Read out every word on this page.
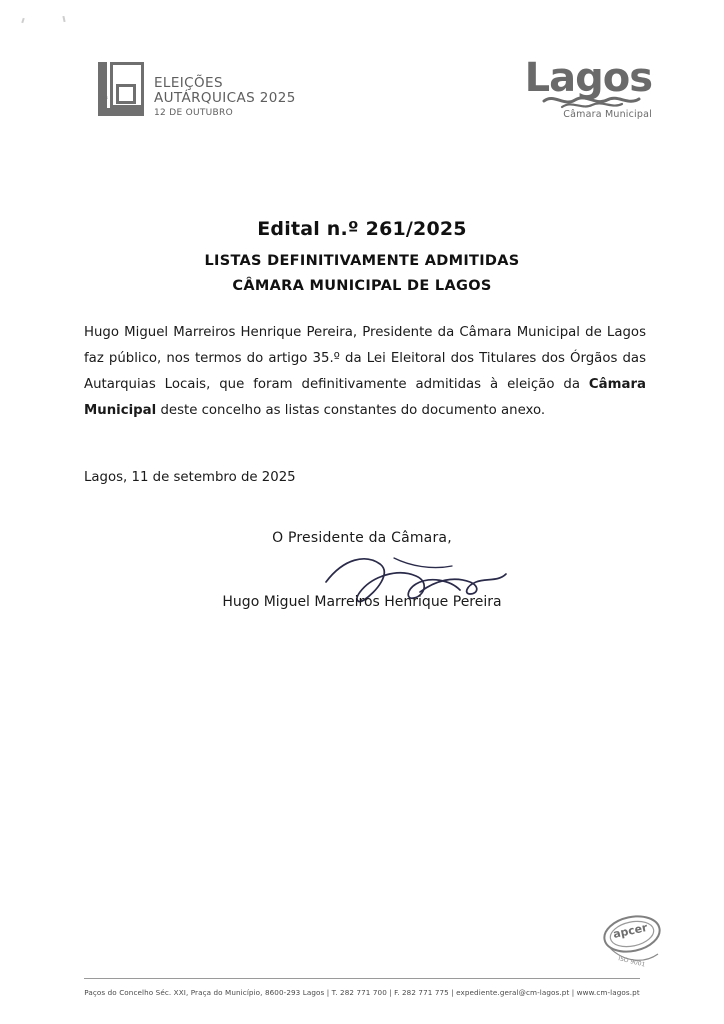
lgs
ELEIÇÕES
AUTÁRQUICAS 2025
12 DE OUTUBRO
Lagos
Câmara Municipal
Edital n.º 261/2025
LISTAS DEFINITIVAMENTE ADMITIDAS
CÂMARA MUNICIPAL DE LAGOS
Hugo Miguel Marreiros Henrique Pereira, Presidente da Câmara Municipal de Lagos faz público, nos termos do artigo 35.º da Lei Eleitoral dos Titulares dos Órgãos das Autarquias Locais, que foram definitivamente admitidas à eleição da Câmara Municipal deste concelho as listas constantes do documento anexo.
Lagos, 11 de setembro de 2025
O Presidente da Câmara,
Hugo Miguel Marreiros Henrique Pereira
Paços do Concelho Séc. XXI, Praça do Município, 8600-293 Lagos | T. 282 771 700 | F. 282 771 775 | expediente.geral@cm-lagos.pt | www.cm-lagos.pt
apcer
ISO 9001
